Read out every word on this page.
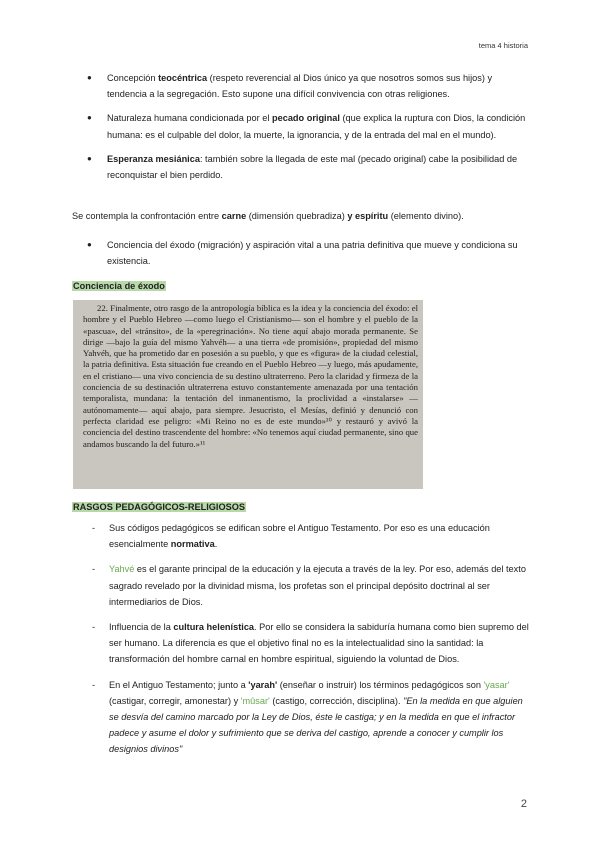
tema 4 historia
● Concepción teocéntrica (respeto reverencial al Dios único ya que nosotros somos sus hijos) y tendencia a la segregación. Esto supone una difícil convivencia con otras religiones.
● Naturaleza humana condicionada por el pecado original (que explica la ruptura con Dios, la condición humana: es el culpable del dolor, la muerte, la ignorancia, y de la entrada del mal en el mundo).
● Esperanza mesiánica: también sobre la llegada de este mal (pecado original) cabe la posibilidad de reconquistar el bien perdido.
Se contempla la confrontación entre carne (dimensión quebradiza) y espíritu (elemento divino).
● Conciencia del éxodo (migración) y aspiración vital a una patria definitiva que mueve y condiciona su existencia.
Conciencia de éxodo
22. Finalmente, otro rasgo de la antropología bíblica es la idea y la conciencia del éxodo: el hombre y el Pueblo Hebreo —como luego el Cristianismo— son el hombre y el pueblo de la «pascua», del «tránsito», de la «peregrinación». No tiene aquí abajo morada permanente. Se dirige —bajo la guía del mismo Yahvéh— a una tierra «de promisión», propiedad del mismo Yahvéh, que ha prometido dar en posesión a su pueblo, y que es «figura» de la ciudad celestial, la patria definitiva. Esta situación fue creando en el Pueblo Hebreo —y luego, más apudamente, en el cristiano— una vivo conciencia de su destino ultraterreno. Pero la claridad y firmeza de la conciencia de su destinación ultraterrena estuvo constantemente amenazada por una tentación temporalista, mundana: la tentación del inmanentismo, la proclividad a «instalarse» —autónomamente— aquí abajo, para siempre. Jesucristo, el Mesías, definió y denunció con perfecta claridad ese peligro: «Mi Reino no es de este mundo»¹⁰ y restauró y avivó la conciencia del destino trascendente del hombre: «No tenemos aquí ciudad permanente, sino que andamos buscando la del futuro.»¹¹
RASGOS PEDAGÓGICOS-RELIGIOSOS
- Sus códigos pedagógicos se edifican sobre el Antiguo Testamento. Por eso es una educación esencialmente normativa.
- Yahvé es el garante principal de la educación y la ejecuta a través de la ley. Por eso, además del texto sagrado revelado por la divinidad misma, los profetas son el principal depósito doctrinal al ser intermediarios de Dios.
- Influencia de la cultura helenística. Por ello se considera la sabiduría humana como bien supremo del ser humano. La diferencia es que el objetivo final no es la intelectualidad sino la santidad: la transformación del hombre carnal en hombre espiritual, siguiendo la voluntad de Dios.
- En el Antiguo Testamento; junto a 'yarah' (enseñar o instruir) los términos pedagógicos son 'yasar' (castigar, corregir, amonestar) y 'mûsar' (castigo, corrección, disciplina). "En la medida en que alguien se desvía del camino marcado por la Ley de Dios, éste le castiga; y en la medida en que el infractor padece y asume el dolor y sufrimiento que se deriva del castigo, aprende a conocer y cumplir los designios divinos"
2
